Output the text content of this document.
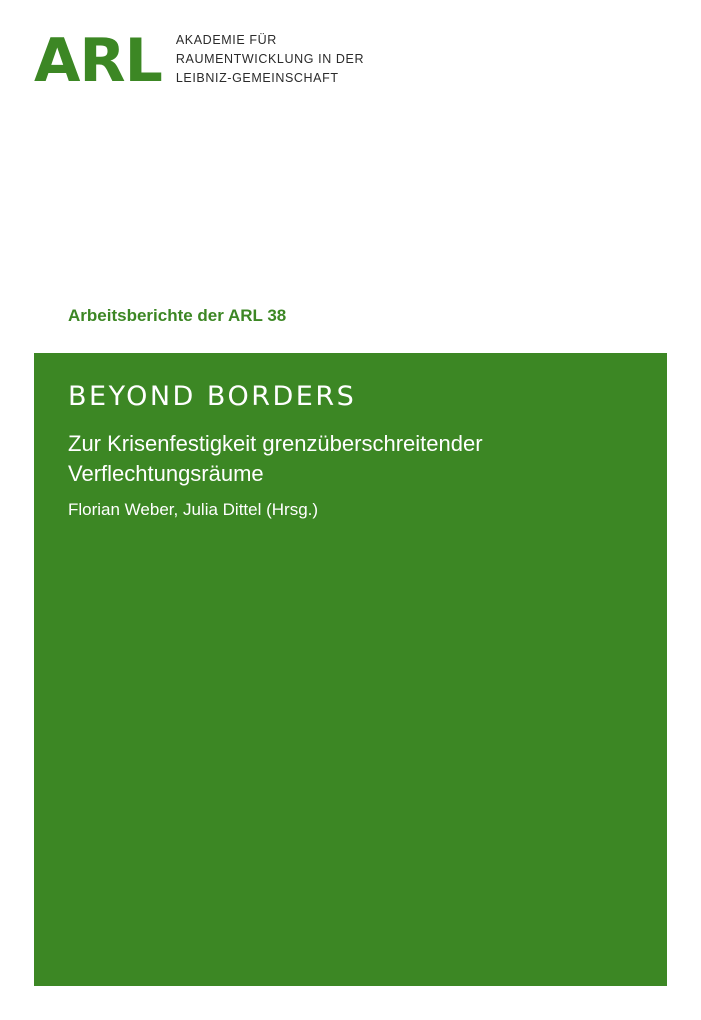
ARL AKADEMIE FÜR
RAUMENTWICKLUNG IN DER
LEIBNIZ-GEMEINSCHAFT
Arbeitsberichte der ARL 38
BEYOND BORDERS
Zur Krisenfestigkeit grenzüberschreitender
Verflechtungsräume
Florian Weber, Julia Dittel (Hrsg.)
